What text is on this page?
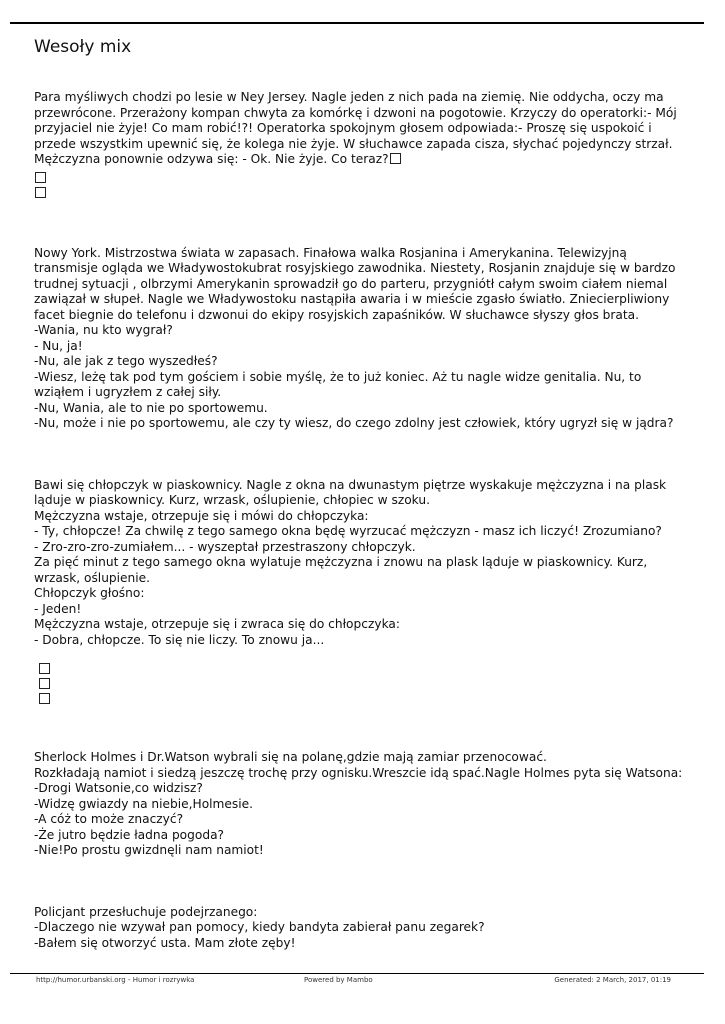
Wesoły mix
Para myśliwych chodzi po lesie w Ney Jersey. Nagle jeden z nich pada na ziemię. Nie oddycha, oczy ma
przewrócone. Przerażony kompan chwyta za komórkę i dzwoni na pogotowie. Krzyczy do operatorki:- Mój
przyjaciel nie żyje! Co mam robić!?! Operatorka spokojnym głosem odpowiada:- Proszę się uspokoić i
przede wszystkim upewnić się, że kolega nie żyje. W słuchawce zapada cisza, słychać pojedynczy strzał.
Mężczyzna ponownie odzywa się: - Ok. Nie żyje. Co teraz?
Nowy York. Mistrzostwa świata w zapasach. Finałowa walka Rosjanina i Amerykanina. Telewizyjną
transmisje ogląda we Władywostokubrat rosyjskiego zawodnika. Niestety, Rosjanin znajduje się w bardzo
trudnej sytuacji , olbrzymi Amerykanin sprowadził go do parteru, przygniótł całym swoim ciałem niemal
zawiązał w słupeł. Nagle we Władywostoku nastąpiła awaria i w mieście zgasło światło. Zniecierpliwiony
facet biegnie do telefonu i dzwonui do ekipy rosyjskich zapaśników. W słuchawce słyszy głos brata.
-Wania, nu kto wygrał?
- Nu, ja!
-Nu, ale jak z tego wyszedłeś?
-Wiesz, leżę tak pod tym gościem i sobie myślę, że to już koniec. Aż tu nagle widze genitalia. Nu, to
wziąłem i ugryzłem z całej siły.
-Nu, Wania, ale to nie po sportowemu.
-Nu, może i nie po sportowemu, ale czy ty wiesz, do czego zdolny jest człowiek, który ugryzł się w jądra?
Bawi się chłopczyk w piaskownicy. Nagle z okna na dwunastym piętrze wyskakuje mężczyzna i na plask
ląduje w piaskownicy. Kurz, wrzask, oślupienie, chłopiec w szoku.
Mężczyzna wstaje, otrzepuje się i mówi do chłopczyka:
- Ty, chłopcze! Za chwilę z tego samego okna będę wyrzucać mężczyzn - masz ich liczyć! Zrozumiano?
- Zro-zro-zro-zumiałem... - wyszeptał przestraszony chłopczyk.
Za pięć minut z tego samego okna wylatuje mężczyzna i znowu na plask ląduje w piaskownicy. Kurz,
wrzask, oślupienie.
Chłopczyk głośno:
- Jeden!
Mężczyzna wstaje, otrzepuje się i zwraca się do chłopczyka:
- Dobra, chłopcze. To się nie liczy. To znowu ja...
Sherlock Holmes i Dr.Watson wybrali się na polanę,gdzie mają zamiar przenocować.
Rozkładają namiot i siedzą jeszczę trochę przy ognisku.Wreszcie idą spać.Nagle Holmes pyta się Watsona:
-Drogi Watsonie,co widzisz?
-Widzę gwiazdy na niebie,Holmesie.
-A cóż to może znaczyć?
-Że jutro będzie ładna pogoda?
-Nie!Po prostu gwizdnęli nam namiot!
Policjant przesłuchuje podejrzanego:
-Dlaczego nie wzywał pan pomocy, kiedy bandyta zabierał panu zegarek?
-Bałem się otworzyć usta. Mam złote zęby!
http://humor.urbanski.org - Humor i rozrywka	Powered by Mambo	Generated: 2 March, 2017, 01:19
